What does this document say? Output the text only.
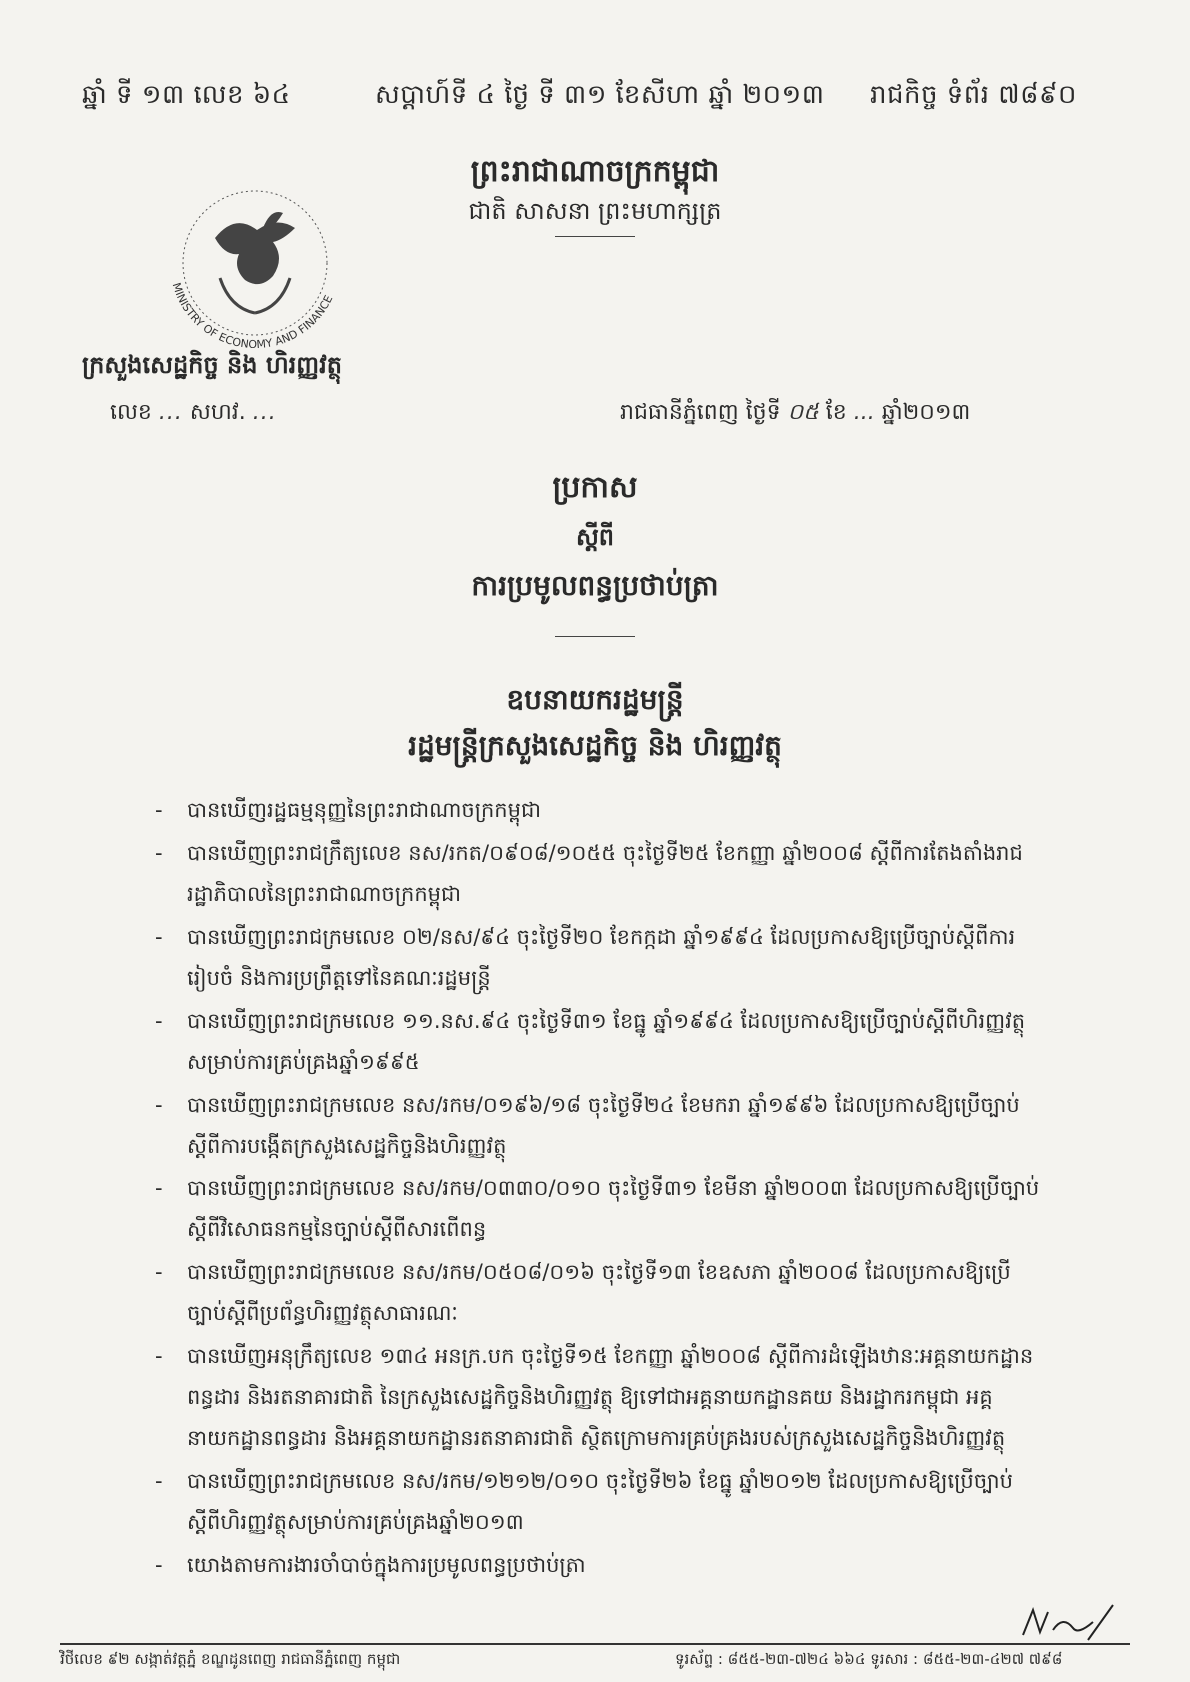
ឆ្នាំ ទី ១៣ លេខ ៦៤	សប្តាហ៍ទី ៤ ថ្ងៃ ទី ៣១ ខែសីហា ឆ្នាំ ២០១៣ រាជកិច្ច ទំព័រ ៧៨៩០
ព្រះរាជាណាចក្រកម្ពុជា
ជាតិ សាសនា ព្រះមហាក្សត្រ
MINISTRY OF ECONOMY AND FINANCE
ក្រសួងសេដ្ឋកិច្ច និង ហិរញ្ញវត្ថុ
លេខ ... សហវ. ...	រាជធានីភ្នំពេញ ថ្ងៃទី ០៥ ខែ ... ឆ្នាំ២០១៣
ប្រកាស
ស្តីពី
ការប្រមូលពន្ធប្រថាប់ត្រា
ឧបនាយករដ្ឋមន្ត្រី
រដ្ឋមន្ត្រីក្រសួងសេដ្ឋកិច្ច និង ហិរញ្ញវត្ថុ
- បានឃើញរដ្ឋធម្មនុញ្ញនៃព្រះរាជាណាចក្រកម្ពុជា
- បានឃើញព្រះរាជក្រឹត្យលេខ នស/រកត/០៩០៨/១០៥៥ ចុះថ្ងៃទី២៥ ខែកញ្ញា ឆ្នាំ២០០៨ ស្តីពីការតែងតាំងរាជរដ្ឋាភិបាលនៃព្រះរាជាណាចក្រកម្ពុជា
- បានឃើញព្រះរាជក្រមលេខ ០២/នស/៩៤ ចុះថ្ងៃទី២០ ខែកក្កដា ឆ្នាំ១៩៩៤ ដែលប្រកាសឱ្យប្រើច្បាប់ស្តីពីការរៀបចំ និងការប្រព្រឹត្តទៅនៃគណៈរដ្ឋមន្ត្រី
- បានឃើញព្រះរាជក្រមលេខ ១១.នស.៩៤ ចុះថ្ងៃទី៣១ ខែធ្នូ ឆ្នាំ១៩៩៤ ដែលប្រកាសឱ្យប្រើច្បាប់ស្តីពីហិរញ្ញវត្ថុសម្រាប់ការគ្រប់គ្រងឆ្នាំ១៩៩៥
- បានឃើញព្រះរាជក្រមលេខ នស/រកម/០១៩៦/១៨ ចុះថ្ងៃទី២៤ ខែមករា ឆ្នាំ១៩៩៦ ដែលប្រកាសឱ្យប្រើច្បាប់ស្តីពីការបង្កើតក្រសួងសេដ្ឋកិច្ចនិងហិរញ្ញវត្ថុ
- បានឃើញព្រះរាជក្រមលេខ នស/រកម/០៣៣០/០១០ ចុះថ្ងៃទី៣១ ខែមីនា ឆ្នាំ២០០៣ ដែលប្រកាសឱ្យប្រើច្បាប់ស្តីពីវិសោធនកម្មនៃច្បាប់ស្តីពីសារពើពន្ធ
- បានឃើញព្រះរាជក្រមលេខ នស/រកម/០៥០៨/០១៦ ចុះថ្ងៃទី១៣ ខែឧសភា ឆ្នាំ២០០៨ ដែលប្រកាសឱ្យប្រើច្បាប់ស្តីពីប្រព័ន្ធហិរញ្ញវត្ថុសាធារណៈ
- បានឃើញអនុក្រឹត្យលេខ ១៣៤ អនក្រ.បក ចុះថ្ងៃទី១៥ ខែកញ្ញា ឆ្នាំ២០០៨ ស្តីពីការដំឡើងឋានៈអគ្គនាយកដ្ឋានពន្ធដារ និងរតនាគារជាតិ នៃក្រសួងសេដ្ឋកិច្ចនិងហិរញ្ញវត្ថុ ឱ្យទៅជាអគ្គនាយកដ្ឋានគយ និងរដ្ឋាករកម្ពុជា អគ្គនាយកដ្ឋានពន្ធដារ និងអគ្គនាយកដ្ឋានរតនាគារជាតិ ស្ថិតក្រោមការគ្រប់គ្រងរបស់ក្រសួងសេដ្ឋកិច្ចនិងហិរញ្ញវត្ថុ
- បានឃើញព្រះរាជក្រមលេខ នស/រកម/១២១២/០១០ ចុះថ្ងៃទី២៦ ខែធ្នូ ឆ្នាំ២០១២ ដែលប្រកាសឱ្យប្រើច្បាប់ស្តីពីហិរញ្ញវត្ថុសម្រាប់ការគ្រប់គ្រងឆ្នាំ២០១៣
- យោងតាមការងារចាំបាច់ក្នុងការប្រមូលពន្ធប្រថាប់ត្រា
វិថីលេខ ៩២ សង្កាត់វត្តភ្នំ ខណ្ឌដូនពេញ រាជធានីភ្នំពេញ កម្ពុជា	ទូរស័ព្ទ : ៨៥៥-២៣-៧២៤ ៦៦៤ ទូរសារ : ៨៥៥-២៣-៤២៧ ៧៩៨
